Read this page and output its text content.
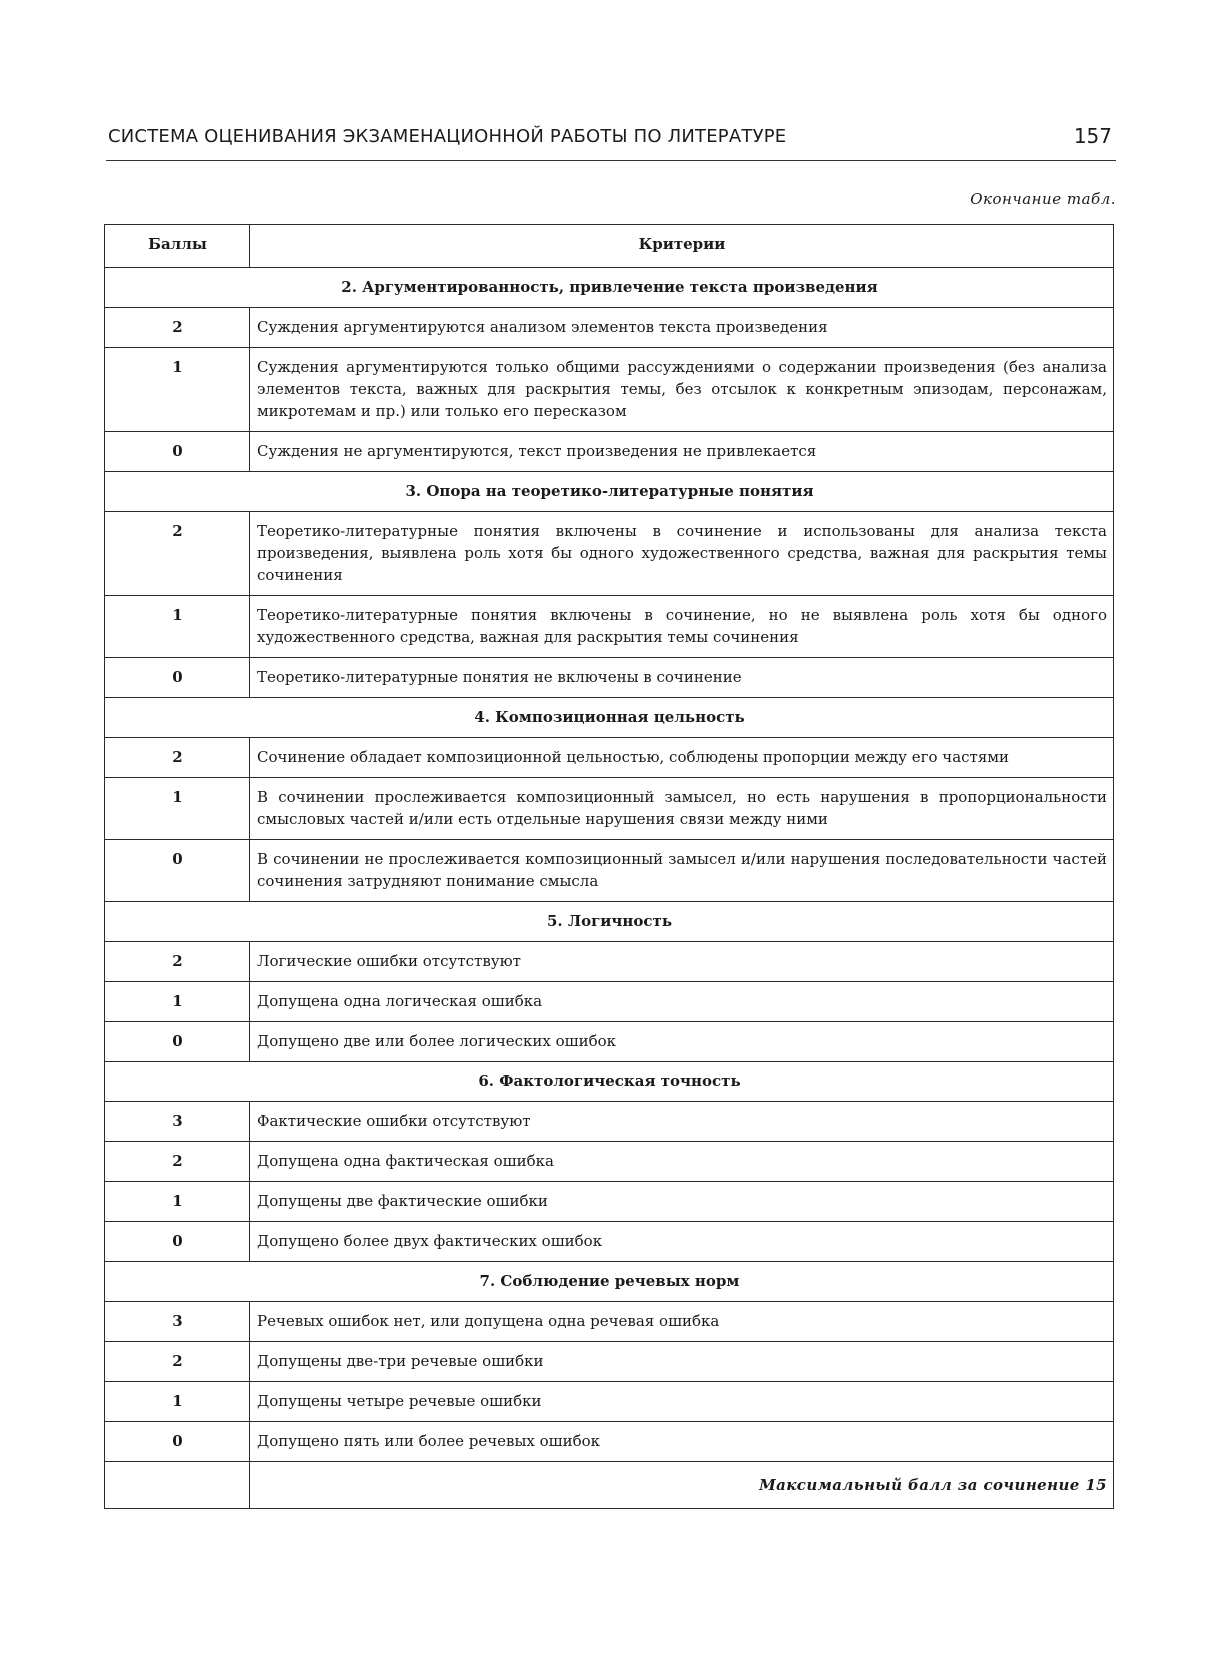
СИСТЕМА ОЦЕНИВАНИЯ ЭКЗАМЕНАЦИОННОЙ РАБОТЫ ПО ЛИТЕРАТУРЕ	157
Окончание табл.
Баллы	Критерии
2. Аргументированность, привлечение текста произведения	
2	Суждения аргументируются анализом элементов текста произведения
1	Суждения аргументируются только общими рассуждениями о содержании произведения (без анализа элементов текста, важных для раскрытия темы, без отсылок к конкретным эпизодам, персонажам, микротемам и пр.) или только его пересказом
0	Суждения не аргументируются, текст произведения не привлекается
3. Опора на теоретико-литературные понятия	
2	Теоретико-литературные понятия включены в сочинение и использованы для анализа текста произведения, выявлена роль хотя бы одного художественного средства, важная для раскрытия темы сочинения
1	Теоретико-литературные понятия включены в сочинение, но не выявлена роль хотя бы одного художественного средства, важная для раскрытия темы сочинения
0	Теоретико-литературные понятия не включены в сочинение
4. Композиционная цельность	
2	Сочинение обладает композиционной цельностью, соблюдены пропорции между его частями
1	В сочинении прослеживается композиционный замысел, но есть нарушения в пропорциональности смысловых частей и/или есть отдельные нарушения связи между ними
0	В сочинении не прослеживается композиционный замысел и/или нарушения последовательности частей сочинения затрудняют понимание смысла
5. Логичность	
2	Логические ошибки отсутствуют
1	Допущена одна логическая ошибка
0	Допущено две или более логических ошибок
6. Фактологическая точность	
3	Фактические ошибки отсутствуют
2	Допущена одна фактическая ошибка
1	Допущены две фактические ошибки
0	Допущено более двух фактических ошибок
7. Соблюдение речевых норм	
3	Речевых ошибок нет, или допущена одна речевая ошибка
2	Допущены две-три речевые ошибки
1	Допущены четыре речевые ошибки
0	Допущено пять или более речевых ошибок
	Максимальный балл за сочинение 15
